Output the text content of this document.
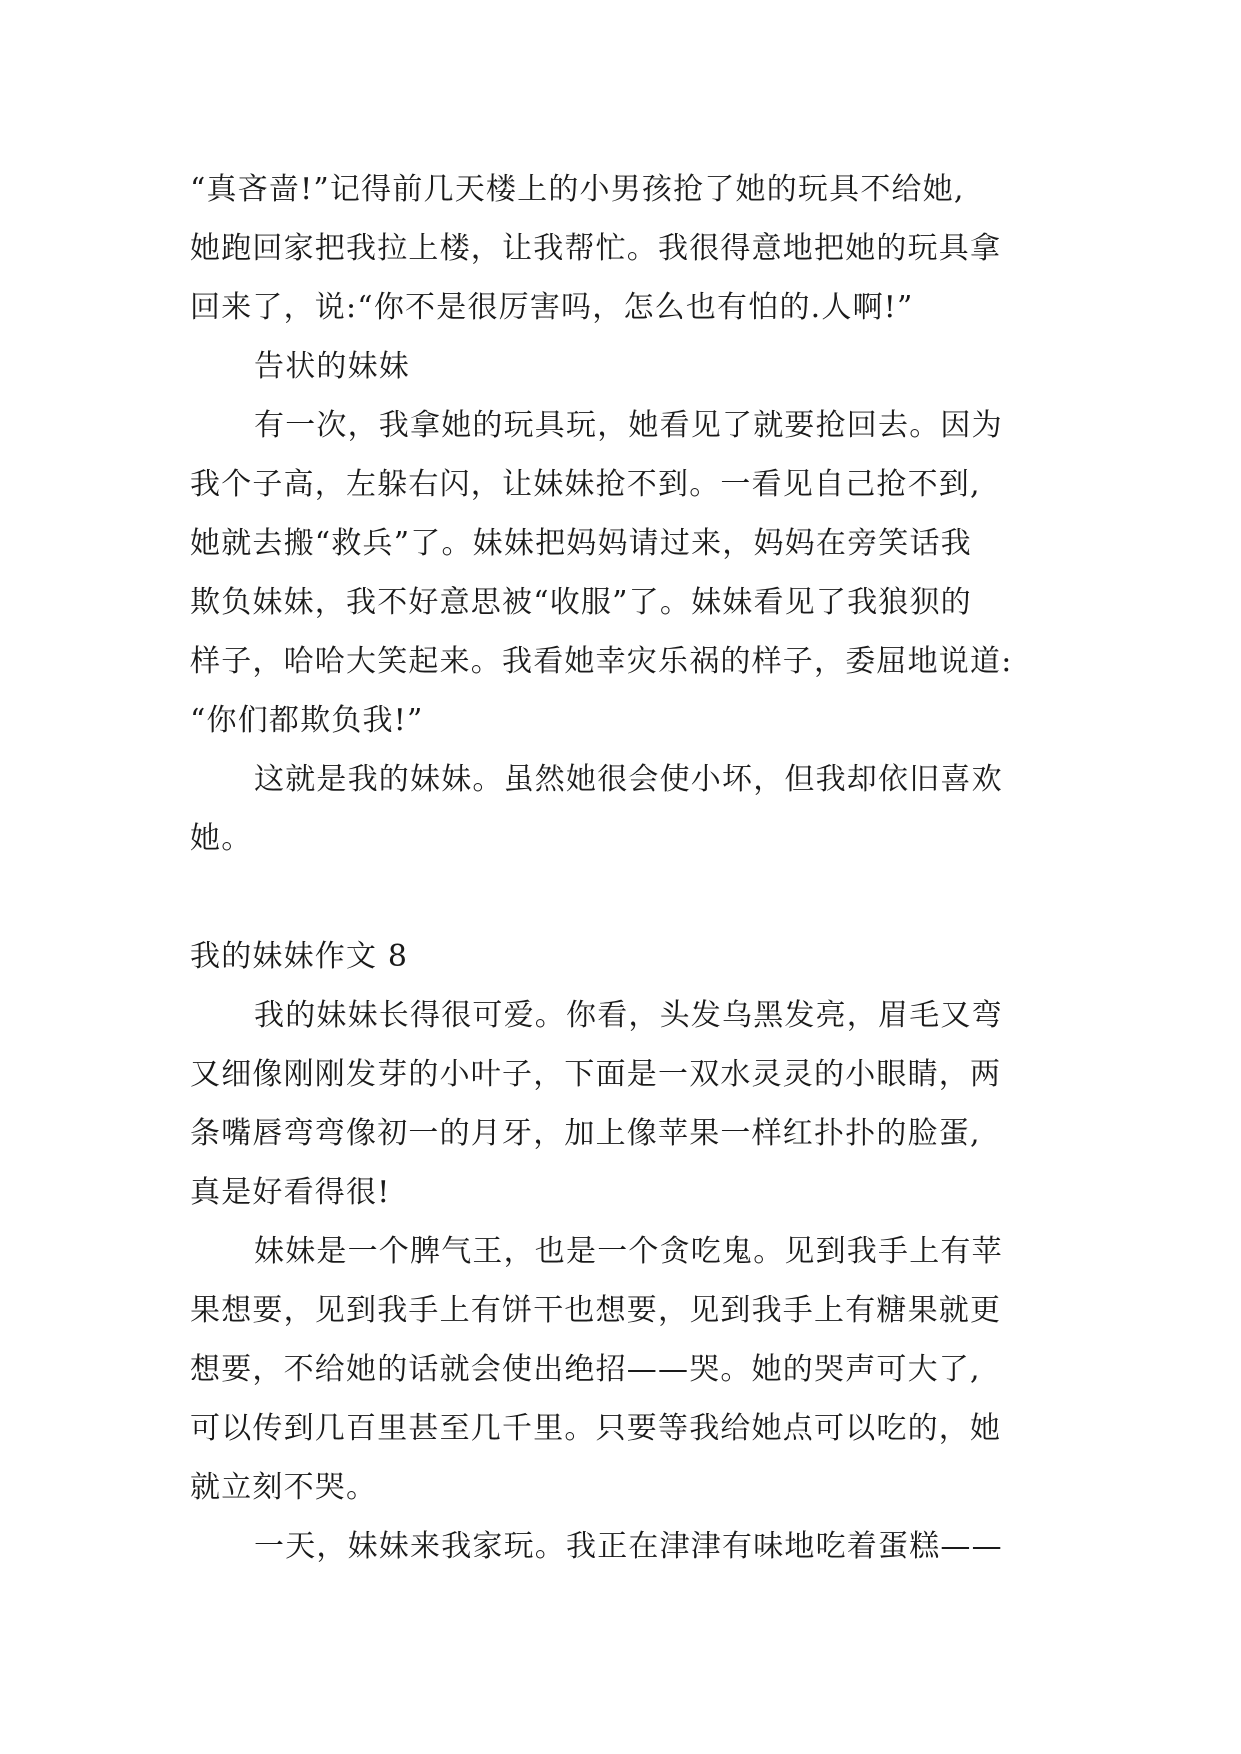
“真吝啬!”记得前几天楼上的小男孩抢了她的玩具不给她,
她跑回家把我拉上楼，让我帮忙。我很得意地把她的玩具拿
回来了，说:“你不是很厉害吗，怎么也有怕的.人啊!”
告状的妹妹
有一次，我拿她的玩具玩，她看见了就要抢回去。因为
我个子高，左躲右闪，让妹妹抢不到。一看见自己抢不到,
她就去搬“救兵”了。妹妹把妈妈请过来，妈妈在旁笑话我
欺负妹妹，我不好意思被“收服”了。妹妹看见了我狼狈的
样子，哈哈大笑起来。我看她幸灾乐祸的样子，委屈地说道:
“你们都欺负我!”
这就是我的妹妹。虽然她很会使小坏，但我却依旧喜欢
她。
我的妹妹作文 8
我的妹妹长得很可爱。你看，头发乌黑发亮，眉毛又弯
又细像刚刚发芽的小叶子，下面是一双水灵灵的小眼睛，两
条嘴唇弯弯像初一的月牙，加上像苹果一样红扑扑的脸蛋,
真是好看得很!
妹妹是一个脾气王，也是一个贪吃鬼。见到我手上有苹
果想要，见到我手上有饼干也想要，见到我手上有糖果就更
想要，不给她的话就会使出绝招——哭。她的哭声可大了,
可以传到几百里甚至几千里。只要等我给她点可以吃的，她
就立刻不哭。
一天，妹妹来我家玩。我正在津津有味地吃着蛋糕——
